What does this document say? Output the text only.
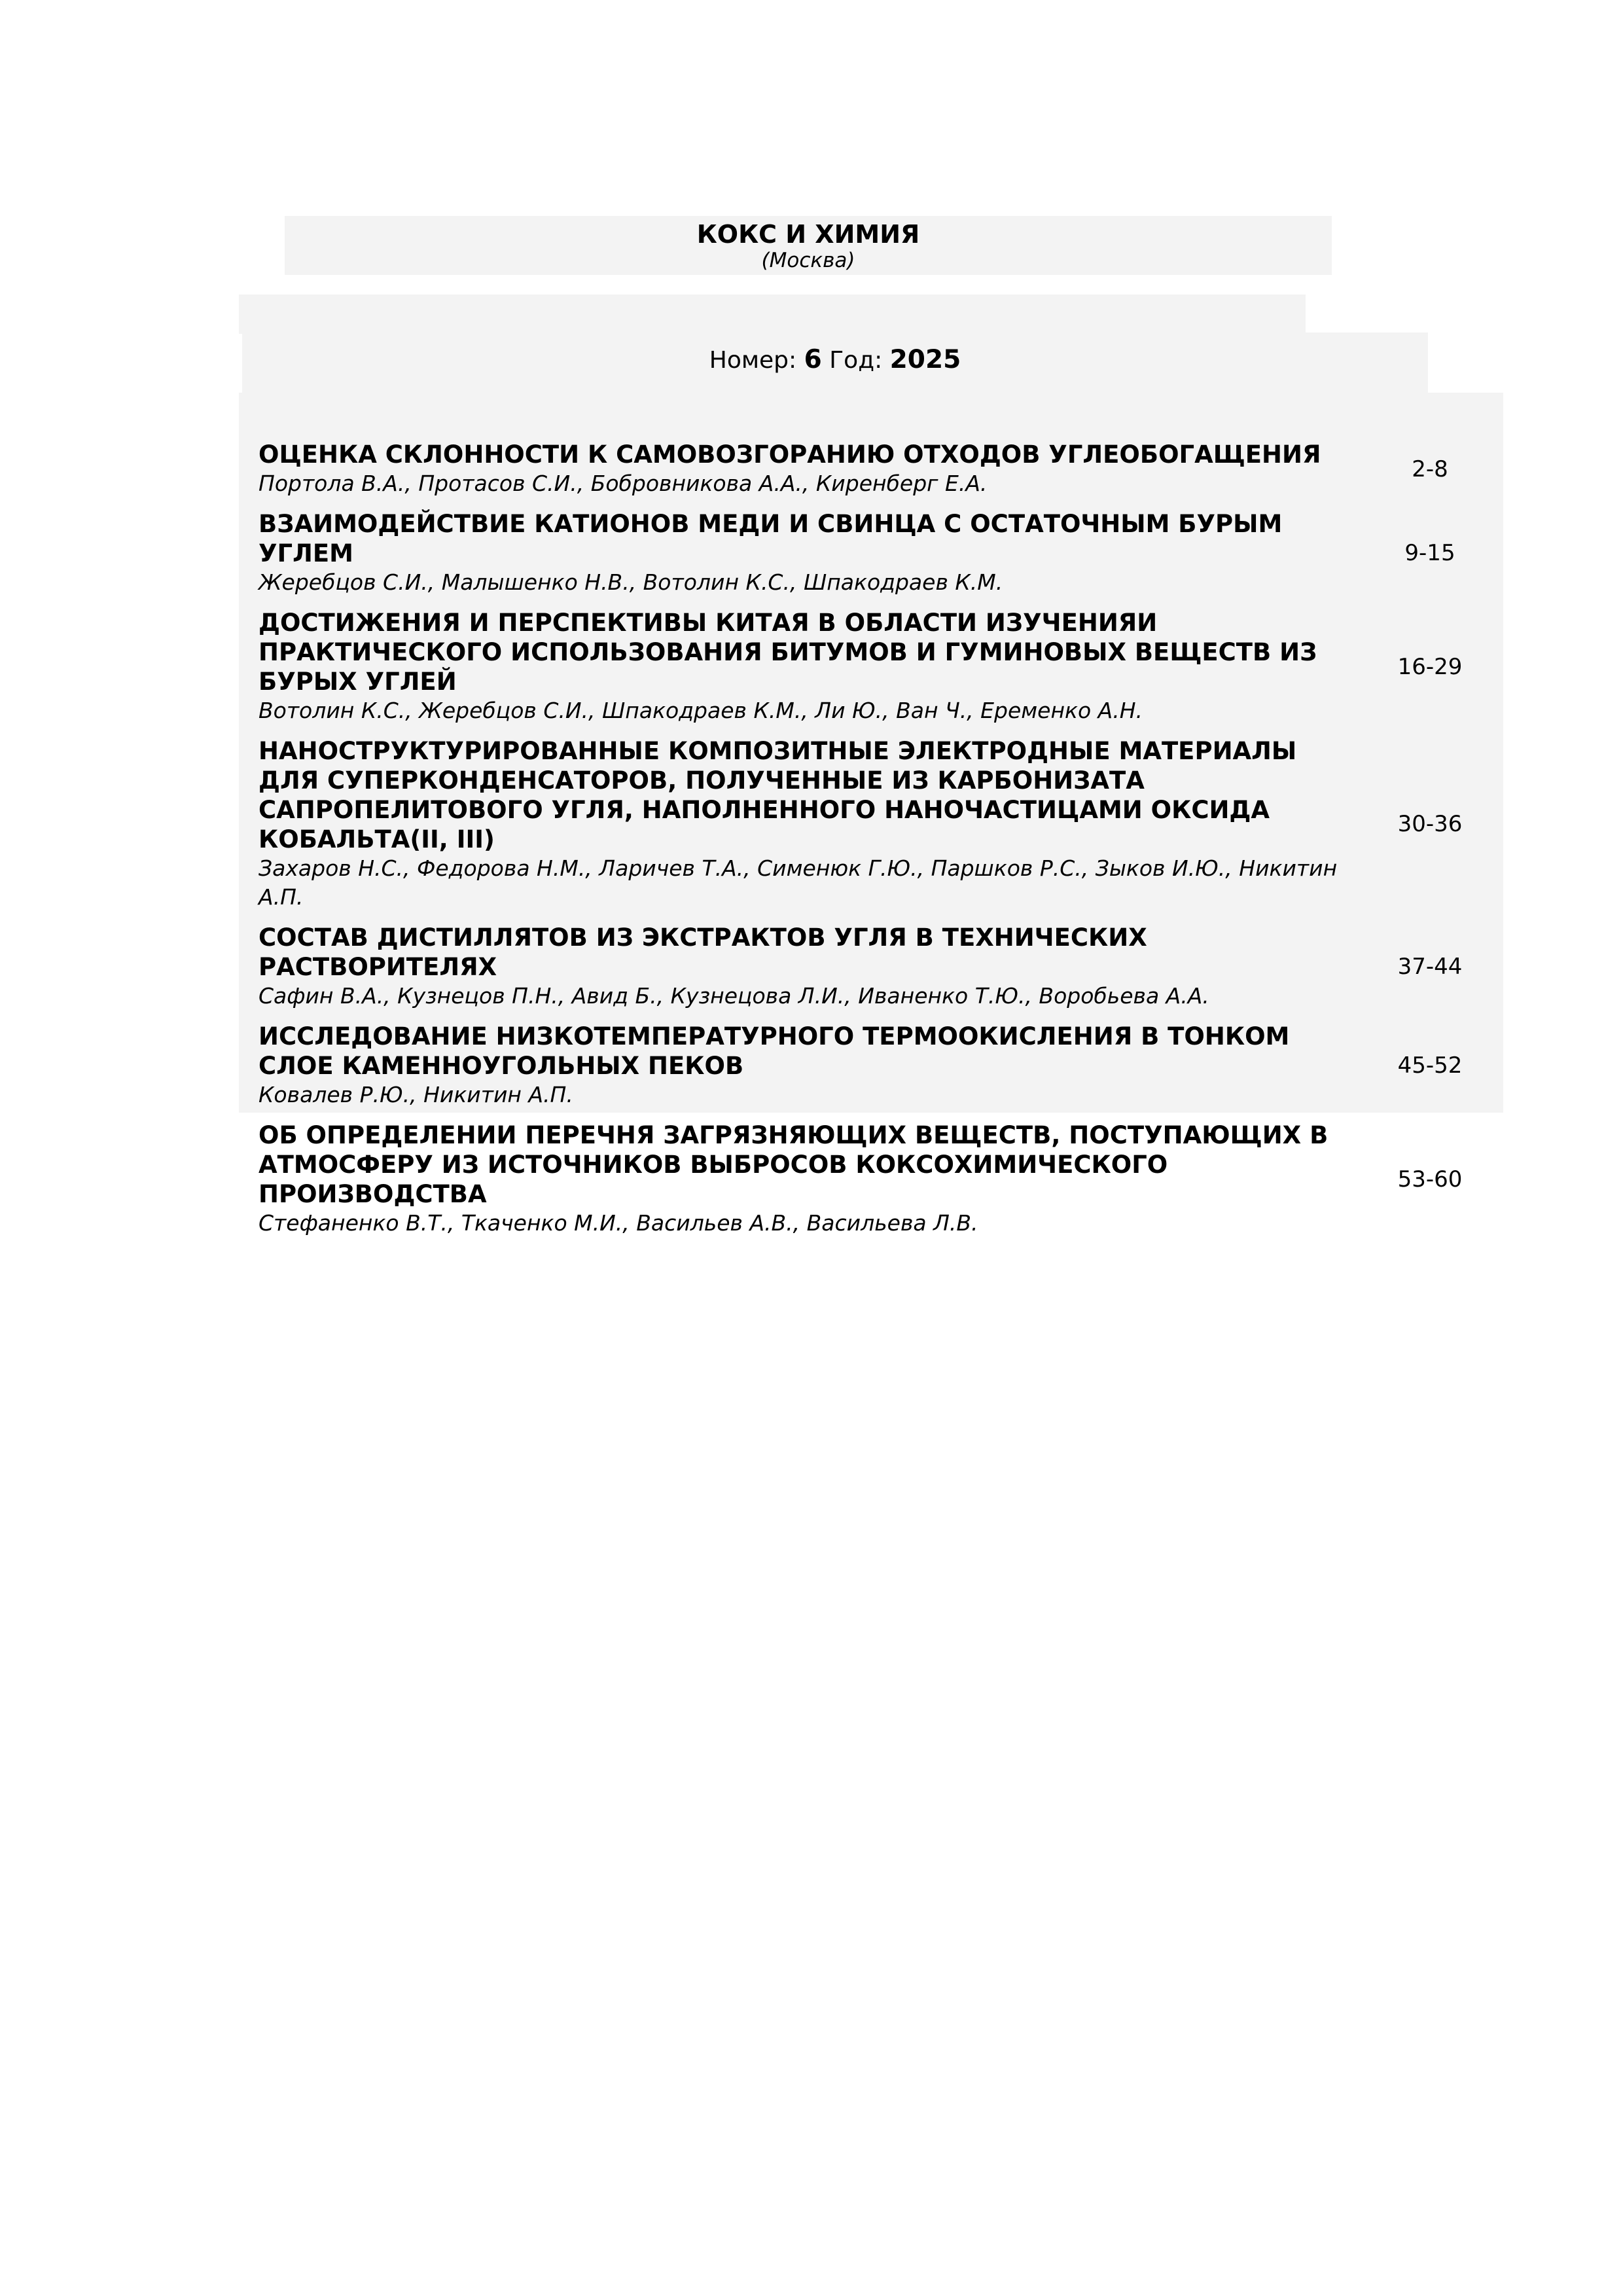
КОКС И ХИМИЯ
(Москва)
Номер: 6 Год: 2025
ОЦЕНКА СКЛОННОСТИ К САМОВОЗГОРАНИЮ ОТХОДОВ УГЛЕОБОГАЩЕНИЯ
Портола В.А., Протасов С.И., Бобровникова А.А., Киренберг Е.А.
2-8
ВЗАИМОДЕЙСТВИЕ КАТИОНОВ МЕДИ И СВИНЦА С ОСТАТОЧНЫМ БУРЫМ УГЛЕМ
Жеребцов С.И., Малышенко Н.В., Вотолин К.С., Шпакодраев К.М.
9-15
ДОСТИЖЕНИЯ И ПЕРСПЕКТИВЫ КИТАЯ В ОБЛАСТИ ИЗУЧЕНИЯИ ПРАКТИЧЕСКОГО ИСПОЛЬЗОВАНИЯ БИТУМОВ И ГУМИНОВЫХ ВЕЩЕСТВ ИЗ БУРЫХ УГЛЕЙ
Вотолин К.С., Жеребцов С.И., Шпакодраев К.М., Ли Ю., Ван Ч., Еременко А.Н.
16-29
НАНОСТРУКТУРИРОВАННЫЕ КОМПОЗИТНЫЕ ЭЛЕКТРОДНЫЕ МАТЕРИАЛЫ ДЛЯ СУПЕРКОНДЕНСАТОРОВ, ПОЛУЧЕННЫЕ ИЗ КАРБОНИЗАТА САПРОПЕЛИТОВОГО УГЛЯ, НАПОЛНЕННОГО НАНОЧАСТИЦАМИ ОКСИДА КОБАЛЬТА(II, III)
Захаров Н.С., Федорова Н.М., Ларичев Т.А., Сименюк Г.Ю., Паршков Р.С., Зыков И.Ю., Никитин А.П.
30-36
СОСТАВ ДИСТИЛЛЯТОВ ИЗ ЭКСТРАКТОВ УГЛЯ В ТЕХНИЧЕСКИХ РАСТВОРИТЕЛЯХ
Сафин В.А., Кузнецов П.Н., Авид Б., Кузнецова Л.И., Иваненко Т.Ю., Воробьева А.А.
37-44
ИССЛЕДОВАНИЕ НИЗКОТЕМПЕРАТУРНОГО ТЕРМООКИСЛЕНИЯ В ТОНКОМ СЛОЕ КАМЕННОУГОЛЬНЫХ ПЕКОВ
Ковалев Р.Ю., Никитин А.П.
45-52
ОБ ОПРЕДЕЛЕНИИ ПЕРЕЧНЯ ЗАГРЯЗНЯЮЩИХ ВЕЩЕСТВ, ПОСТУПАЮЩИХ В АТМОСФЕРУ ИЗ ИСТОЧНИКОВ ВЫБРОСОВ КОКСОХИМИЧЕСКОГО ПРОИЗВОДСТВА
Стефаненко В.Т., Ткаченко М.И., Васильев А.В., Васильева Л.В.
53-60
